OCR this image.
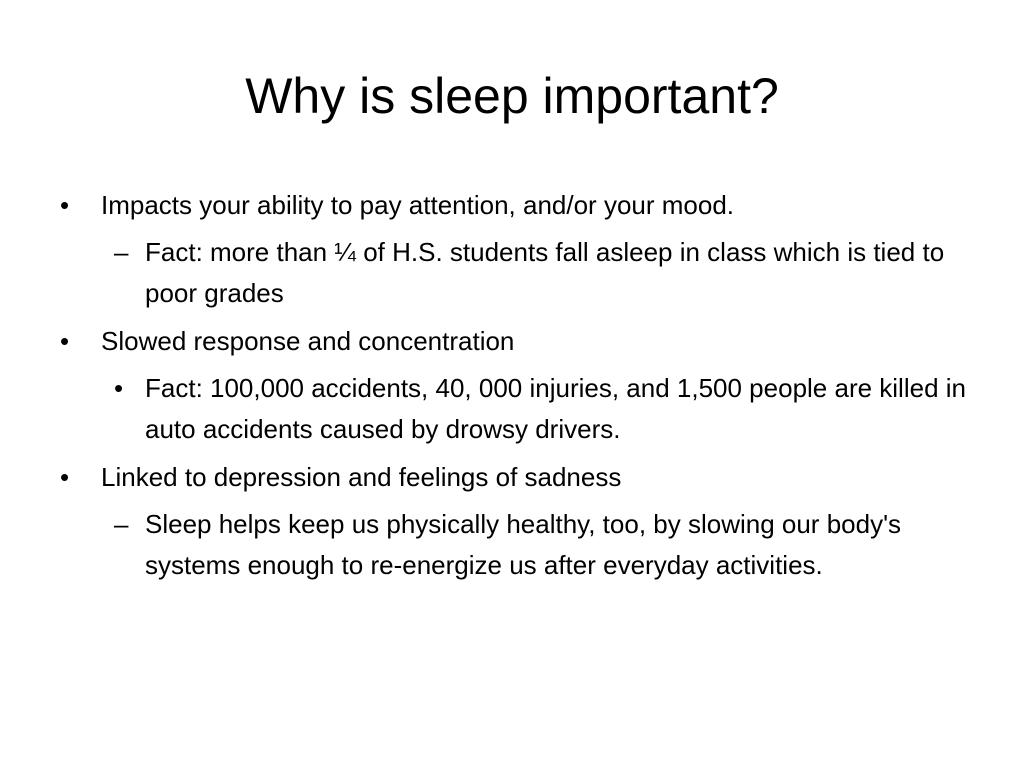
Why is sleep important?
• Impacts your ability to pay attention, and/or your mood.
– Fact: more than ¼ of H.S. students fall asleep in class which is tied to poor grades
• Slowed response and concentration
• Fact: 100,000 accidents, 40, 000 injuries, and 1,500 people are killed in auto accidents caused by drowsy drivers.
• Linked to depression and feelings of sadness
– Sleep helps keep us physically healthy, too, by slowing our body's systems enough to re-energize us after everyday activities.
